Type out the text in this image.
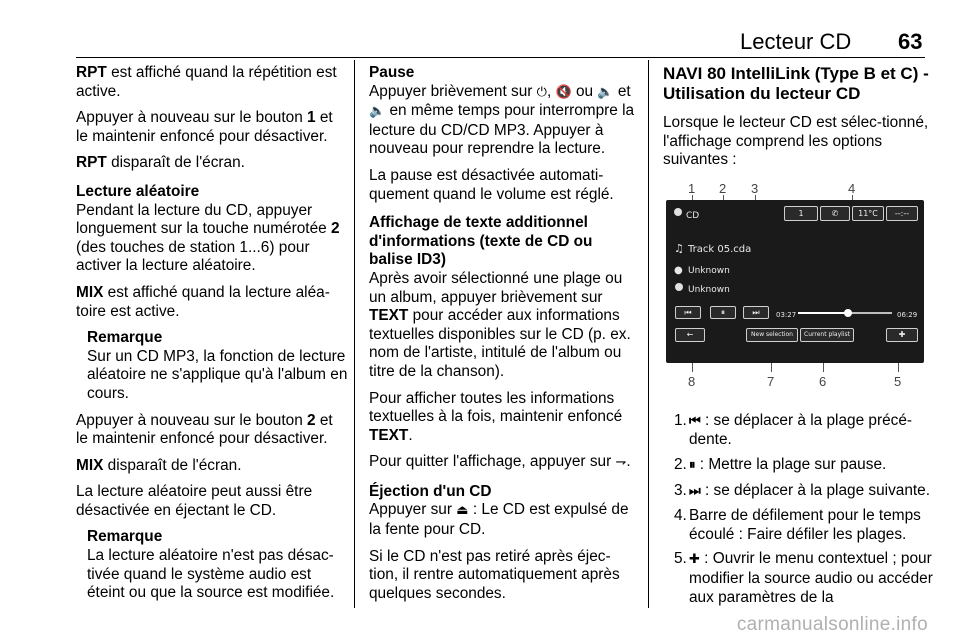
Lecteur CD 63

RPT est affiché quand la répétition est active.

Appuyer à nouveau sur le bouton 1 et le maintenir enfoncé pour désactiver.

RPT disparaît de l'écran.

Lecture aléatoire

Pendant la lecture du CD, appuyer longuement sur la touche numérotée 2 (des touches de station 1...6) pour activer la lecture aléatoire.

MIX est affiché quand la lecture aléa‐toire est active.

Remarque
Sur un CD MP3, la fonction de lecture aléatoire ne s'applique qu'à l'album en cours.

Appuyer à nouveau sur le bouton 2 et le maintenir enfoncé pour désactiver.

MIX disparaît de l'écran.

La lecture aléatoire peut aussi être désactivée en éjectant le CD.

Remarque
La lecture aléatoire n'est pas désac‐tivée quand le système audio est éteint ou que la source est modifiée.

Pause

Appuyer brièvement sur ⏻, 🔇 ou 🔈 et 🔈 en même temps pour interrompre la lecture du CD/CD MP3. Appuyer à nouveau pour reprendre la lecture.

La pause est désactivée automati‐quement quand le volume est réglé.

Affichage de texte additionnel d'informations (texte de CD ou balise ID3)

Après avoir sélectionné une plage ou un album, appuyer brièvement sur TEXT pour accéder aux informations textuelles disponibles sur le CD (p. ex. nom de l'artiste, intitulé de l'album ou titre de la chanson).

Pour afficher toutes les informations textuelles à la fois, maintenir enfoncé TEXT.

Pour quitter l'affichage, appuyer sur ⇁.

Éjection d'un CD

Appuyer sur ⏏ : Le CD est expulsé de la fente pour CD.

Si le CD n'est pas retiré après éjec‐tion, il rentre automatiquement après quelques secondes.

NAVI 80 IntelliLink (Type B et C) - Utilisation du lecteur CD

Lorsque le lecteur CD est sélec‐tionné, l'affichage comprend les options suivantes :

1 2 3	4
CD	1	✆	11°C	--:--
♫ Track 05.cda
● Unknown
Unknown
⏮	⏸	⏭	03:27	06:29
←	New selection	Current playlist	✚
8	7	6	5
1. ⏮ : se déplacer à la plage précé‐dente.
2. ⏸ : Mettre la plage sur pause.
3. ⏭ : se déplacer à la plage suivante.
4. Barre de défilement pour le temps écoulé : Faire défiler les plages.
5. ✚ : Ouvrir le menu contextuel ; pour modifier la source audio ou accéder aux paramètres de la
carmanualsonline.info
